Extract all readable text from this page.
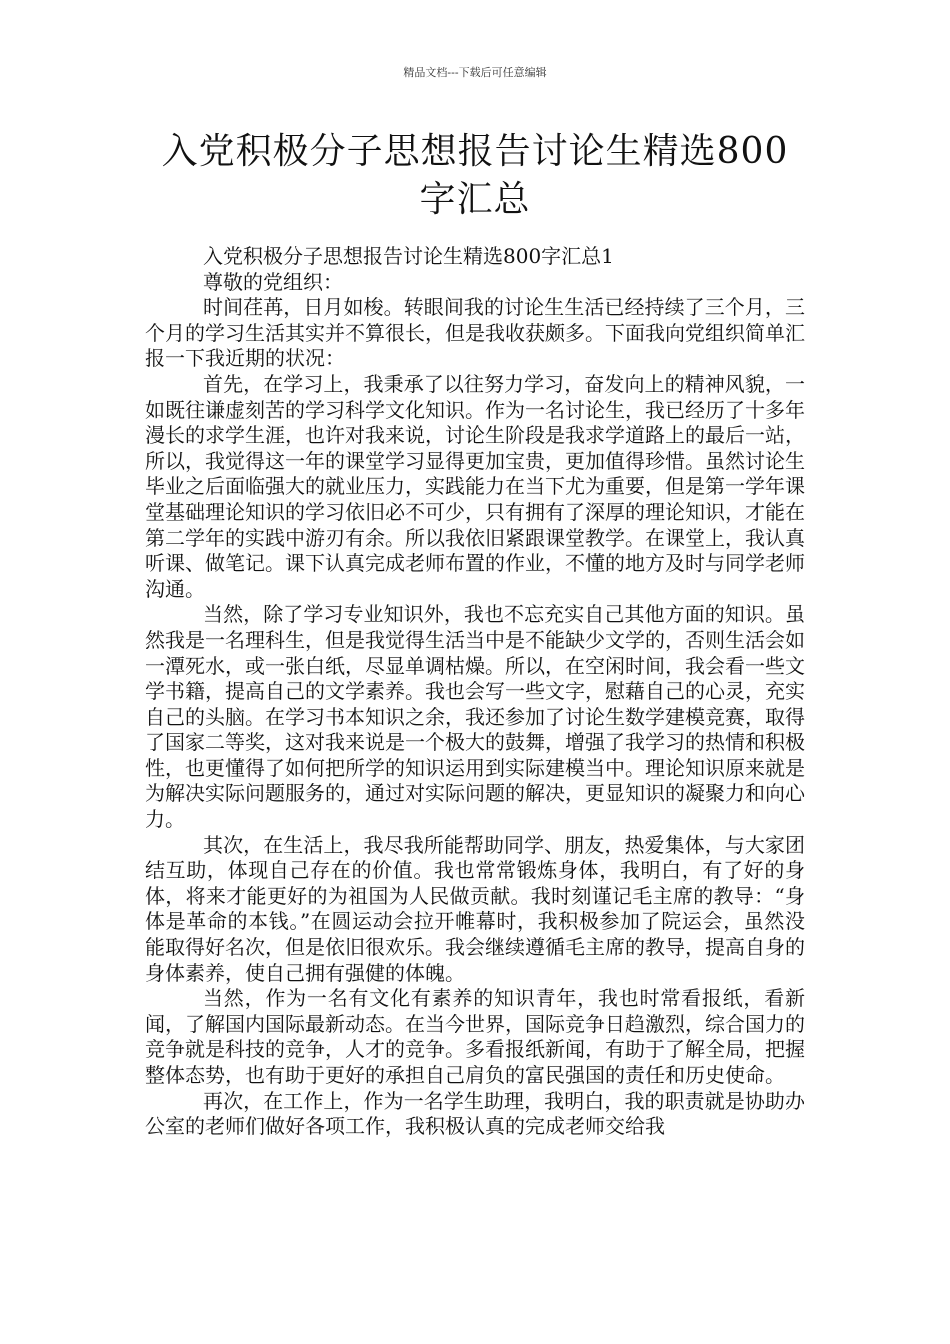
精品文档---下载后可任意编辑
入党积极分子思想报告讨论生精选800字汇总

入党积极分子思想报告讨论生精选800字汇总1

尊敬的党组织：

时间荏苒，日月如梭。转眼间我的讨论生生活已经持续了三个月，三个月的学习生活其实并不算很长，但是我收获颇多。下面我向党组织简单汇报一下我近期的状况：

首先，在学习上，我秉承了以往努力学习，奋发向上的精神风貌，一如既往谦虚刻苦的学习科学文化知识。作为一名讨论生，我已经历了十多年漫长的求学生涯，也许对我来说，讨论生阶段是我求学道路上的最后一站，所以，我觉得这一年的课堂学习显得更加宝贵，更加值得珍惜。虽然讨论生毕业之后面临强大的就业压力，实践能力在当下尤为重要，但是第一学年课堂基础理论知识的学习依旧必不可少，只有拥有了深厚的理论知识，才能在第二学年的实践中游刃有余。所以我依旧紧跟课堂教学。在课堂上，我认真听课、做笔记。课下认真完成老师布置的作业，不懂的地方及时与同学老师沟通。

当然，除了学习专业知识外，我也不忘充实自己其他方面的知识。虽然我是一名理科生，但是我觉得生活当中是不能缺少文学的，否则生活会如一潭死水，或一张白纸，尽显单调枯燥。所以，在空闲时间，我会看一些文学书籍，提高自己的文学素养。我也会写一些文字，慰藉自己的心灵，充实自己的头脑。在学习书本知识之余，我还参加了讨论生数学建模竞赛，取得了国家二等奖，这对我来说是一个极大的鼓舞，增强了我学习的热情和积极性，也更懂得了如何把所学的知识运用到实际建模当中。理论知识原来就是为解决实际问题服务的，通过对实际问题的解决，更显知识的凝聚力和向心力。

其次，在生活上，我尽我所能帮助同学、朋友，热爱集体，与大家团结互助，体现自己存在的价值。我也常常锻炼身体，我明白，有了好的身体，将来才能更好的为祖国为人民做贡献。我时刻谨记毛主席的教导：“身体是革命的本钱。”在圆运动会拉开帷幕时，我积极参加了院运会，虽然没能取得好名次，但是依旧很欢乐。我会继续遵循毛主席的教导，提高自身的身体素养，使自己拥有强健的体魄。

当然，作为一名有文化有素养的知识青年，我也时常看报纸，看新闻，了解国内国际最新动态。在当今世界，国际竞争日趋激烈，综合国力的竞争就是科技的竞争，人才的竞争。多看报纸新闻，有助于了解全局，把握整体态势，也有助于更好的承担自己肩负的富民强国的责任和历史使命。

再次，在工作上，作为一名学生助理，我明白，我的职责就是协助办公室的老师们做好各项工作，我积极认真的完成老师交给我
